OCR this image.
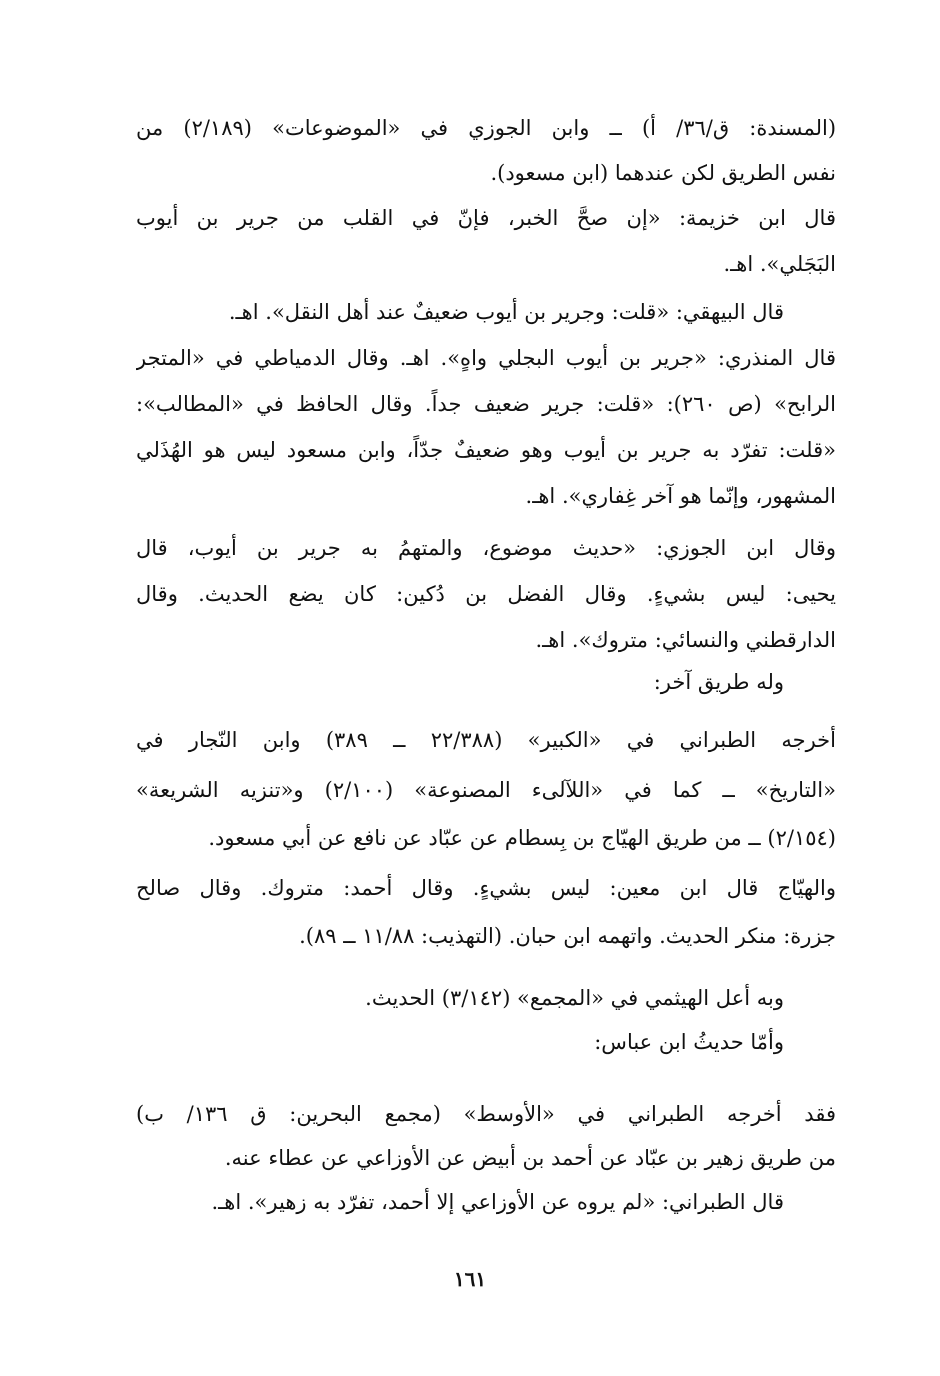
(المسندة: ق/٣٦/ أ) ــ وابن الجوزي في «الموضوعات» (٢/١٨٩) من
نفس الطريق لكن عندهما (ابن مسعود).
قال ابن خزيمة: «إن صحَّ الخبر، فإنّ في القلب من جرير بن أيوب
البَجَلي». اهـ.
قال البيهقي: «قلت: وجرير بن أيوب ضعيفٌ عند أهل النقل». اهـ.
قال المنذري: «جرير بن أيوب البجلي واهٍ». اهـ. وقال الدمياطي في «المتجر
الرابح» (ص ٢٦٠): «قلت: جرير ضعيف جداً. وقال الحافظ في «المطالب»:
«قلت: تفرّد به جرير بن أيوب وهو ضعيفٌ جدّاً، وابن مسعود ليس هو الهُذَلي
المشهور، وإنّما هو آخر غِفاري». اهـ.
وقال ابن الجوزي: «حديث موضوع، والمتهمُ به جرير بن أيوب، قال
يحيى: ليس بشيءٍ. وقال الفضل بن دُكين: كان يضع الحديث. وقال
الدارقطني والنسائي: متروك». اهـ.
وله طريق آخر:
أخرجه الطبراني في «الكبير» (٢٢/٣٨٨ ــ ٣٨٩) وابن النّجار في
«التاريخ» ــ كما في «اللآلىء المصنوعة» (٢/١٠٠) و«تنزيه الشريعة»
(٢/١٥٤) ــ من طريق الهيّاج بن بِسطام عن عبّاد عن نافع عن أبي مسعود.
والهيّاج قال ابن معين: ليس بشيءٍ. وقال أحمد: متروك. وقال صالح
جزرة: منكر الحديث. واتهمه ابن حبان. (التهذيب: ١١/٨٨ ــ ٨٩).
وبه أعل الهيثمي في «المجمع» (٣/١٤٢) الحديث.
وأمّا حديثُ ابن عباس:
فقد أخرجه الطبراني في «الأوسط» (مجمع البحرين: ق ١٣٦/ ب)
من طريق زهير بن عبّاد عن أحمد بن أبيض عن الأوزاعي عن عطاء عنه.
قال الطبراني: «لم يروه عن الأوزاعي إلا أحمد، تفرّد به زهير». اهـ.
١٦١
